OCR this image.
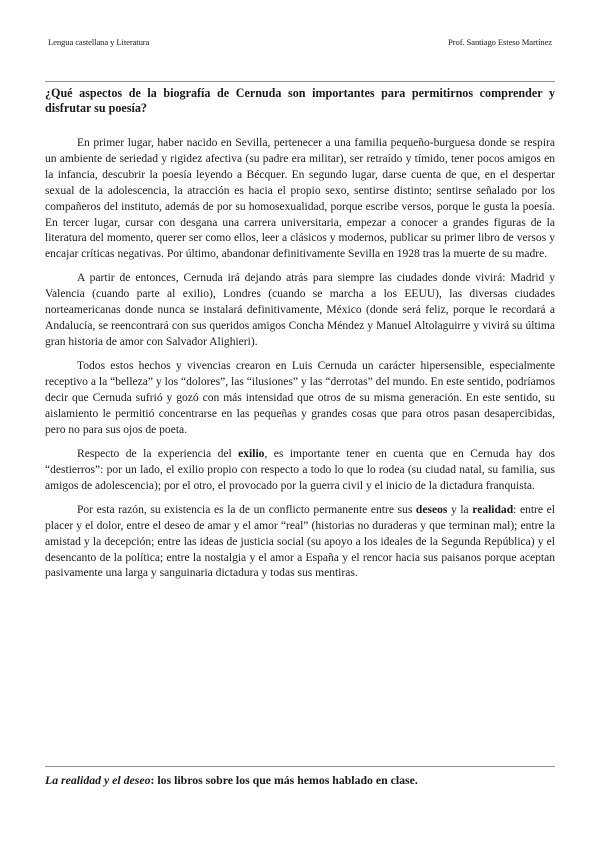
Lengua castellana y Literatura	Prof. Santiago Esteso Martínez

¿Qué aspectos de la biografía de Cernuda son importantes para permitirnos comprender y disfrutar su poesía?

En primer lugar, haber nacido en Sevilla, pertenecer a una familia pequeño-burguesa donde se respira un ambiente de seriedad y rigidez afectiva (su padre era militar), ser retraído y tímido, tener pocos amigos en la infancia, descubrir la poesía leyendo a Bécquer. En segundo lugar, darse cuenta de que, en el despertar sexual de la adolescencia, la atracción es hacia el propio sexo, sentirse distinto; sentirse señalado por los compañeros del instituto, además de por su homosexualidad, porque escribe versos, porque le gusta la poesía. En tercer lugar, cursar con desgana una carrera universitaria, empezar a conocer a grandes figuras de la literatura del momento, querer ser como ellos, leer a clásicos y modernos, publicar su primer libro de versos y encajar críticas negativas. Por último, abandonar definitivamente Sevilla en 1928 tras la muerte de su madre.

A partir de entonces, Cernuda irá dejando atrás para siempre las ciudades donde vivirá: Madrid y Valencia (cuando parte al exilio), Londres (cuando se marcha a los EEUU), las diversas ciudades norteamericanas donde nunca se instalará definitivamente, México (donde será feliz, porque le recordará a Andalucía, se reencontrará con sus queridos amigos Concha Méndez y Manuel Altolaguirre y vivirá su última gran historia de amor con Salvador Alighieri).

Todos estos hechos y vivencias crearon en Luis Cernuda un carácter hipersensible, especialmente receptivo a la “belleza” y los “dolores”, las “ilusiones” y las “derrotas” del mundo. En este sentido, podríamos decir que Cernuda sufrió y gozó con más intensidad que otros de su misma generación. En este sentido, su aislamiento le permitió concentrarse en las pequeñas y grandes cosas que para otros pasan desapercibidas, pero no para sus ojos de poeta.

Respecto de la experiencia del exilio, es importante tener en cuenta que en Cernuda hay dos “destierros”: por un lado, el exilio propio con respecto a todo lo que lo rodea (su ciudad natal, su familia, sus amigos de adolescencia); por el otro, el provocado por la guerra civil y el inicio de la dictadura franquista.

Por esta razón, su existencia es la de un conflicto permanente entre sus deseos y la realidad: entre el placer y el dolor, entre el deseo de amar y el amor “real” (historias no duraderas y que terminan mal); entre la amistad y la decepción; entre las ideas de justicia social (su apoyo a los ideales de la Segunda República) y el desencanto de la política; entre la nostalgia y el amor a España y el rencor hacia sus paisanos porque aceptan pasivamente una larga y sanguinaria dictadura y todas sus mentiras.

La realidad y el deseo: los libros sobre los que más hemos hablado en clase.
